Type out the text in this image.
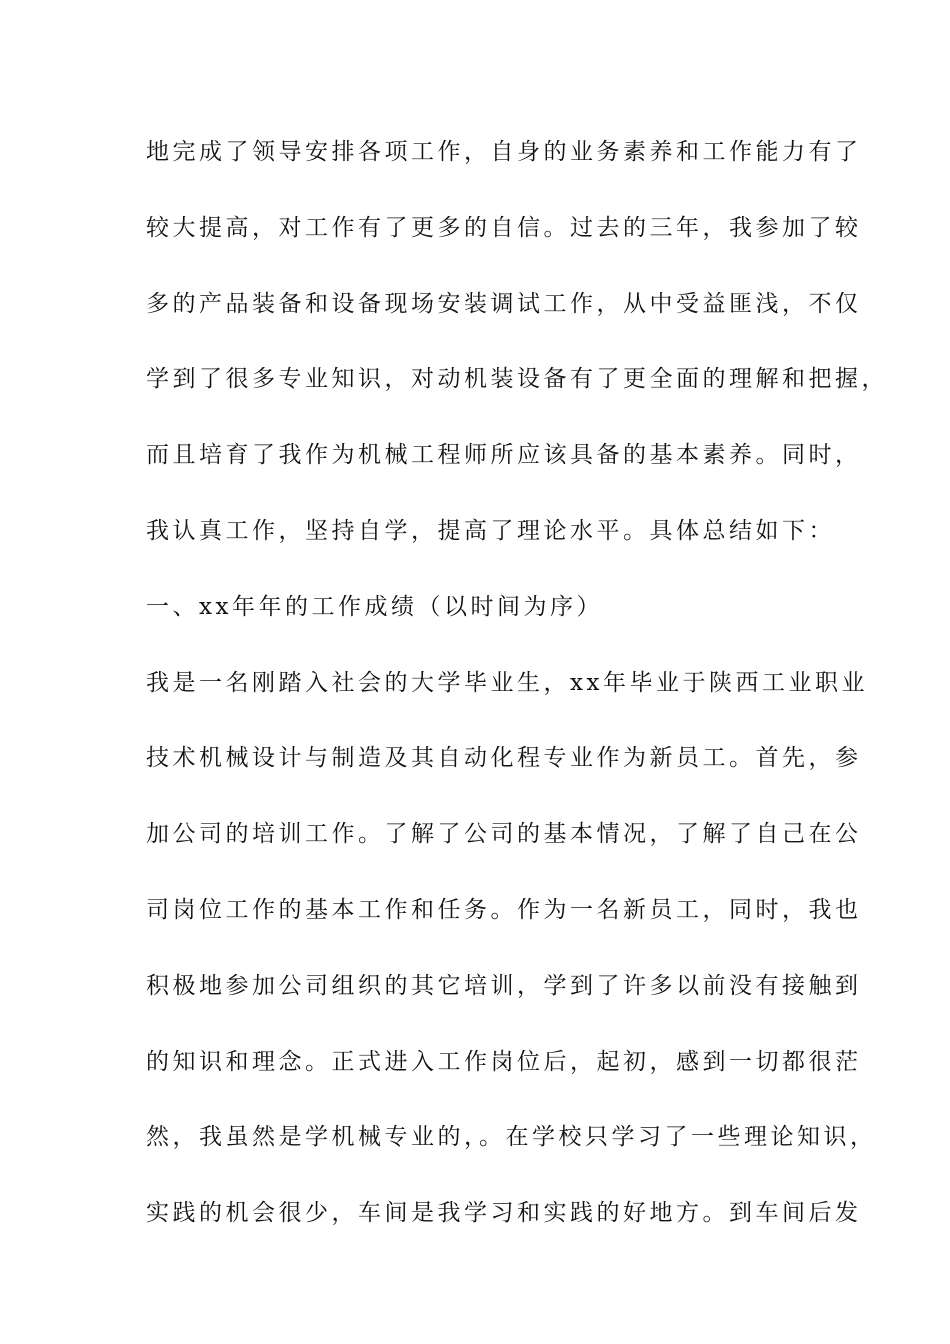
地完成了领导安排各项工作，自身的业务素养和工作能力有了
较大提高，对工作有了更多的自信。过去的三年，我参加了较
多的产品装备和设备现场安装调试工作，从中受益匪浅，不仅
学到了很多专业知识，对动机装设备有了更全面的理解和把握，
而且培育了我作为机械工程师所应该具备的基本素养。同时，
我认真工作，坚持自学，提高了理论水平。具体总结如下：
一、xx年年的工作成绩（以时间为序）
我是一名刚踏入社会的大学毕业生，xx年毕业于陕西工业职业
技术机械设计与制造及其自动化程专业作为新员工。首先，参
加公司的培训工作。了解了公司的基本情况，了解了自己在公
司岗位工作的基本工作和任务。作为一名新员工，同时，我也
积极地参加公司组织的其它培训，学到了许多以前没有接触到
的知识和理念。正式进入工作岗位后，起初，感到一切都很茫
然，我虽然是学机械专业的，。在学校只学习了一些理论知识，
实践的机会很少，车间是我学习和实践的好地方。到车间后发
